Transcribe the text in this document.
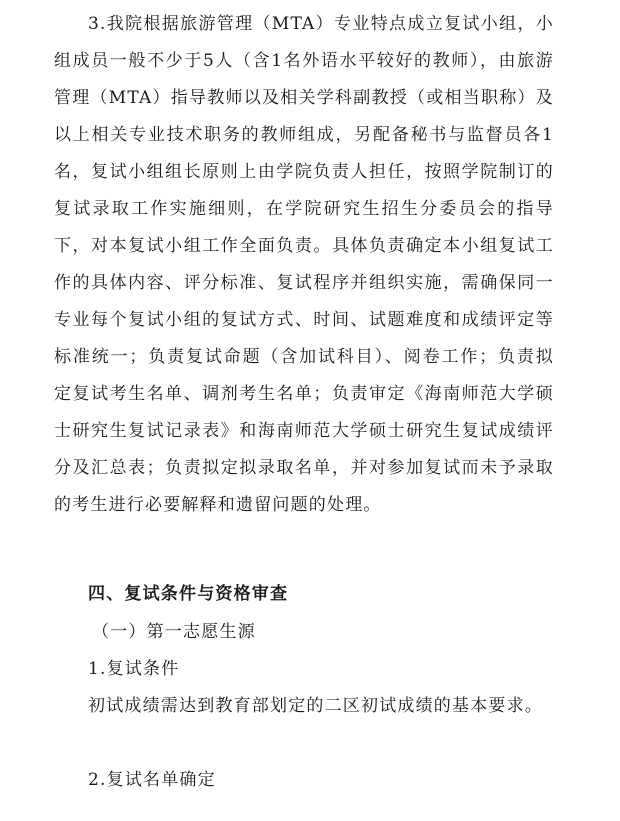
3.我院根据旅游管理（MTA）专业特点成立复试小组，小组成员一般不少于5人（含1名外语水平较好的教师），由旅游管理（MTA）指导教师以及相关学科副教授（或相当职称）及以上相关专业技术职务的教师组成，另配备秘书与监督员各1名，复试小组组长原则上由学院负责人担任，按照学院制订的复试录取工作实施细则，在学院研究生招生分委员会的指导下，对本复试小组工作全面负责。具体负责确定本小组复试工作的具体内容、评分标准、复试程序并组织实施，需确保同一专业每个复试小组的复试方式、时间、试题难度和成绩评定等标准统一；负责复试命题（含加试科目）、阅卷工作；负责拟定复试考生名单、调剂考生名单；负责审定《海南师范大学硕士研究生复试记录表》和海南师范大学硕士研究生复试成绩评分及汇总表；负责拟定拟录取名单，并对参加复试而未予录取的考生进行必要解释和遗留问题的处理。

四、复试条件与资格审查

（一）第一志愿生源

1.复试条件

初试成绩需达到教育部划定的二区初试成绩的基本要求。

2.复试名单确定
